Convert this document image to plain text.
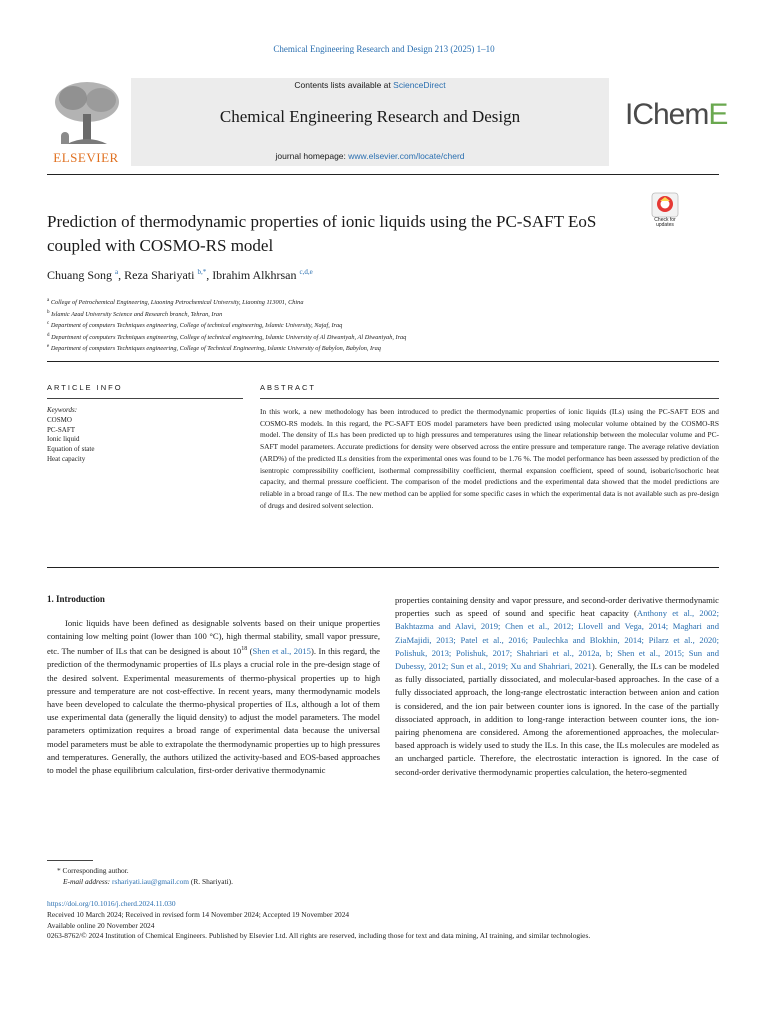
Chemical Engineering Research and Design 213 (2025) 1–10
ELSEVIER
Contents lists available at ScienceDirect
Chemical Engineering Research and Design
journal homepage: www.elsevier.com/locate/cherd
IChemE
Prediction of thermodynamic properties of ionic liquids using the PC-SAFT EoS coupled with COSMO-RS model
Check for updates
Chuang Song $^a$, Reza Shariyati $^{b,*}$, Ibrahim Alkhrsan $^{c,d,e}$
$^a$ College of Petrochemical Engineering, Liaoning Petrochemical University, Liaoning 113001, China
$^b$ Islamic Azad University Science and Research branch, Tehran, Iran
$^c$ Department of computers Techniques engineering, College of technical engineering, Islamic University, Najaf, Iraq
$^d$ Department of computers Techniques engineering, College of technical engineering, Islamic University of Al Diwaniyah, Al Diwaniyah, Iraq
$^e$ Department of computers Techniques engineering, College of Technical Engineering, Islamic University of Babylon, Babylon, Iraq
ARTICLE INFO
Keywords:
COSMO
PC-SAFT
Ionic liquid
Equation of state
Heat capacity
ABSTRACT
In this work, a new methodology has been introduced to predict the thermodynamic properties of ionic liquids (ILs) using the PC-SAFT EOS and COSMO-RS models. In this regard, the PC-SAFT EOS model parameters have been predicted using molecular volume obtained by the COSMO-RS model. The density of ILs has been predicted up to high pressures and temperatures using the linear relationship between the molecular volume and PC-SAFT model parameters. Accurate predictions for density were observed across the entire pressure and temperature range. The average relative deviation (ARD%) of the predicted ILs densities from the experimental ones was found to be 1.76 %. The model performance has been assessed by prediction of the isentropic compressibility coefficient, isothermal compressibility coefficient, thermal expansion coefficient, speed of sound, isobaric/isochoric heat capacity, and thermal pressure coefficient. The comparison of the model predictions and the experimental data showed that the model predictions are reliable in a broad range of ILs. The new method can be applied for some specific cases in which the experimental data is not available such as pre-design of drugs and desired solvent selection.
1. Introduction
Ionic liquids have been defined as designable solvents based on their unique properties containing low melting point (lower than 100 °C), high thermal stability, small vapor pressure, etc. The number of ILs that can be designed is about $10^{18}$ (Shen et al., 2015). In this regard, the prediction of the thermodynamic properties of ILs plays a crucial role in the pre-design stage of the desired solvent. Experimental measurements of thermo-physical properties up to high pressure and temperature are not cost-effective. In recent years, many thermodynamic models have been developed to calculate the thermo-physical properties of ILs, although a lot of them use experimental data (generally the liquid density) to adjust the model parameters. The model parameters optimization requires a broad range of experimental data because the universal model parameters must be able to extrapolate the thermodynamic properties up to high pressures and temperatures. Generally, the authors utilized the activity-based and EOS-based approaches to model the phase equilibrium calculation, first-order derivative thermodynamic
properties containing density and vapor pressure, and second-order derivative thermodynamic properties such as speed of sound and specific heat capacity (Anthony et al., 2002; Bakhtazma and Alavi, 2019; Chen et al., 2012; Llovell and Vega, 2014; Maghari and ZiaMajidi, 2013; Patel et al., 2016; Paulechka and Blokhin, 2014; Pilarz et al., 2020; Polishuk, 2013; Polishuk, 2017; Shahriari et al., 2012a, b; Shen et al., 2015; Sun and Dubessy, 2012; Sun et al., 2019; Xu and Shahriari, 2021). Generally, the ILs can be modeled as fully dissociated, partially dissociated, and molecular-based approaches. In the case of a fully dissociated approach, the long-range electrostatic interaction between anion and cation is considered, and the ion pair between counter ions is ignored. In the case of the partially dissociated approach, in addition to long-range interaction between counter ions, the ion-pairing phenomena are considered. Among the aforementioned approaches, the molecular-based approach is widely used to study the ILs. In this case, the ILs molecules are modeled as an uncharged particle. Therefore, the electrostatic interaction is ignored. In the case of second-order derivative thermodynamic properties calculation, the hetero-segmented
* Corresponding author.
E-mail address: rshariyati.iau@gmail.com (R. Shariyati).
https://doi.org/10.1016/j.cherd.2024.11.030
Received 10 March 2024; Received in revised form 14 November 2024; Accepted 19 November 2024
Available online 20 November 2024
0263-8762/© 2024 Institution of Chemical Engineers. Published by Elsevier Ltd. All rights are reserved, including those for text and data mining, AI training, and similar technologies.
